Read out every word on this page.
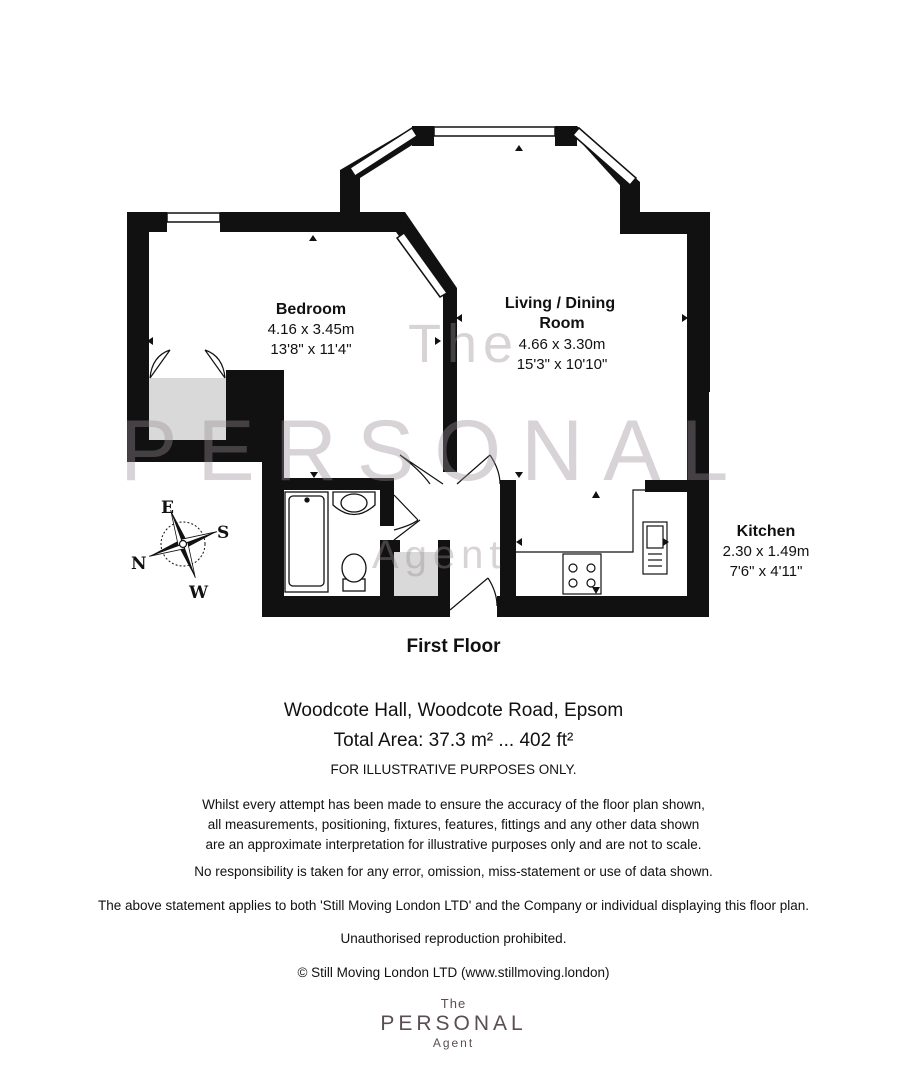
The
PERSONAL
Agent
Bedroom
4.16 x 3.45m
13'8" x 11'4"
Living / Dining
Room
4.66 x 3.30m
15'3" x 10'10"
Kitchen
2.30 x 1.49m
7'6" x 4'11"
E
S
N
W
First Floor
Woodcote Hall, Woodcote Road, Epsom
Total Area: 37.3 m² ... 402 ft²
FOR ILLUSTRATIVE PURPOSES ONLY.
Whilst every attempt has been made to ensure the accuracy of the floor plan shown,
all measurements, positioning, fixtures, features, fittings and any other data shown
are an approximate interpretation for illustrative purposes only and are not to scale.
No responsibility is taken for any error, omission, miss-statement or use of data shown.
The above statement applies to both 'Still Moving London LTD' and the Company or individual displaying this floor plan.
Unauthorised reproduction prohibited.
© Still Moving London LTD (www.stillmoving.london)
The
PERSONAL
Agent
